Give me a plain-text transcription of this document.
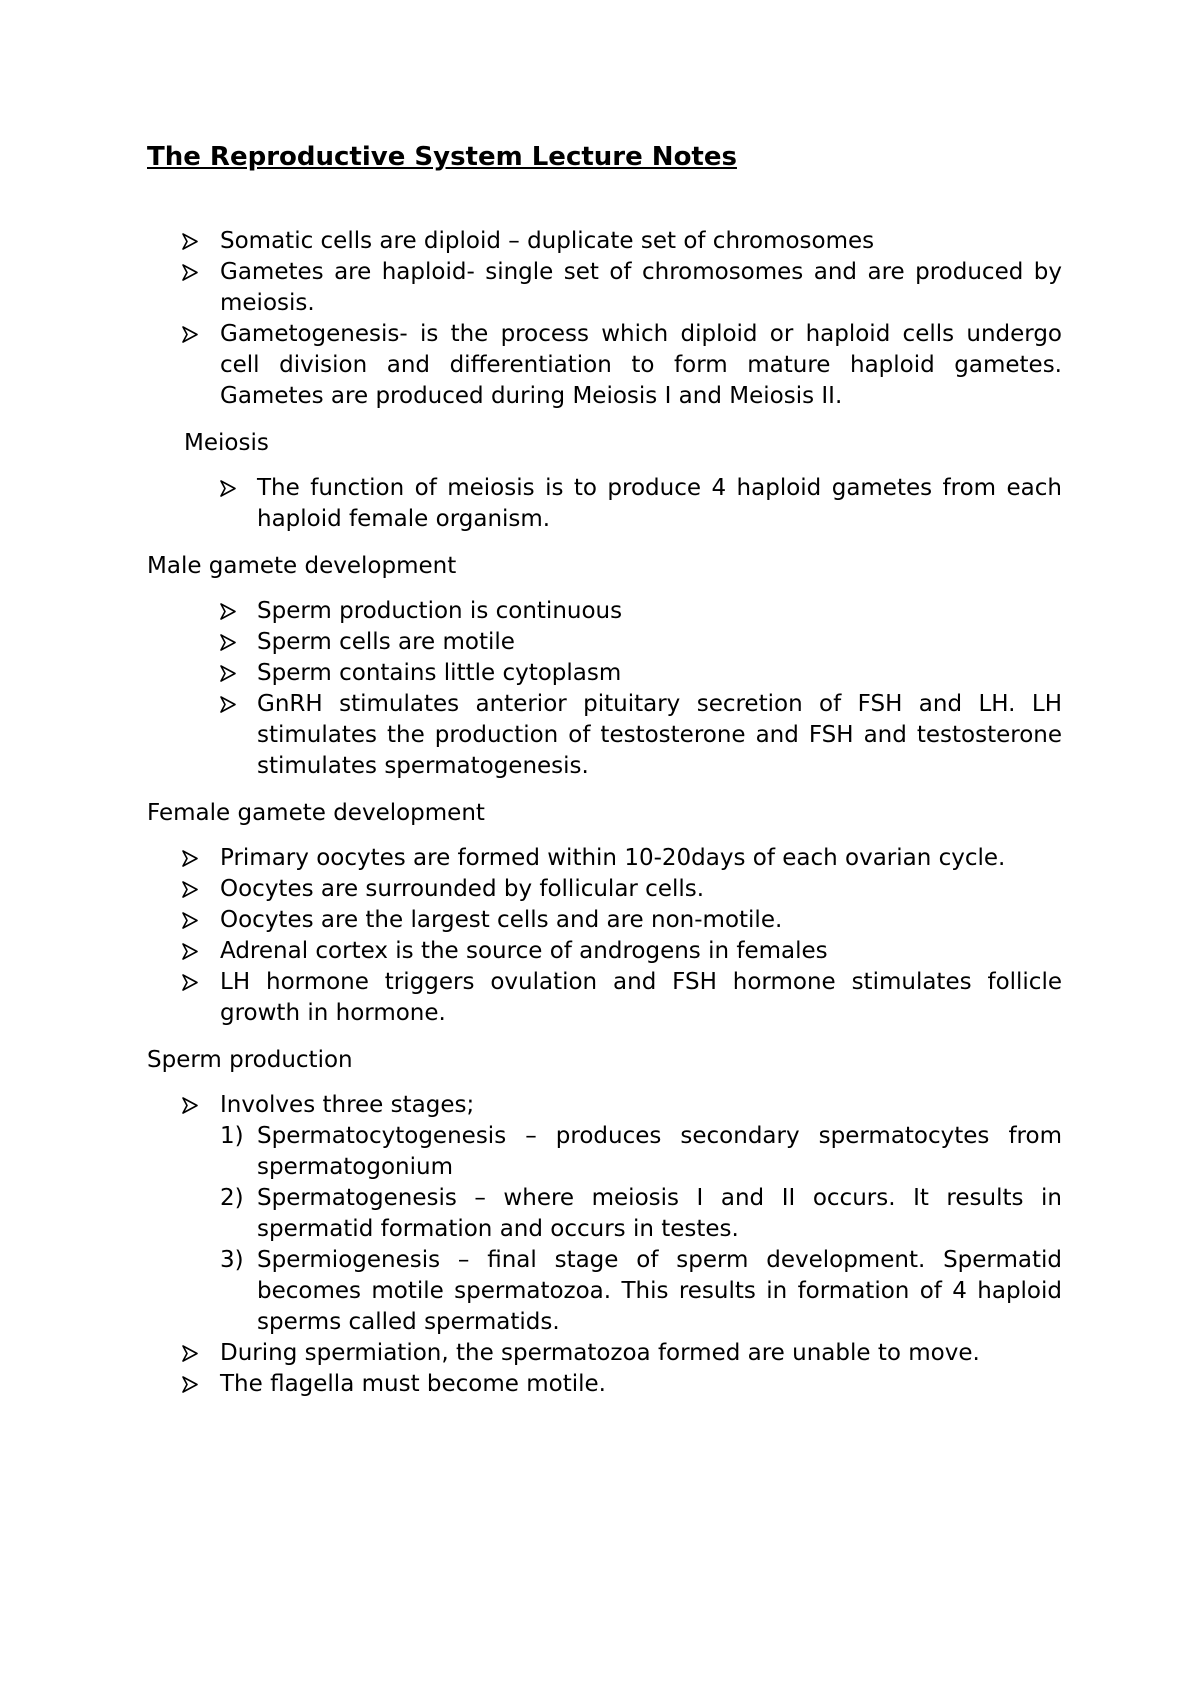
The Reproductive System Lecture Notes
Somatic cells are diploid – duplicate set of chromosomes
Gametes are haploid- single set of chromosomes and are produced by meiosis.
Gametogenesis- is the process which diploid or haploid cells undergo cell division and differentiation to form mature haploid gametes. Gametes are produced during Meiosis I and Meiosis II.
Meiosis
The function of meiosis is to produce 4 haploid gametes from each haploid female organism.
Male gamete development
Sperm production is continuous
Sperm cells are motile
Sperm contains little cytoplasm
GnRH stimulates anterior pituitary secretion of FSH and LH. LH stimulates the production of testosterone and FSH and testosterone stimulates spermatogenesis.
Female gamete development
Primary oocytes are formed within 10-20days of each ovarian cycle.
Oocytes are surrounded by follicular cells.
Oocytes are the largest cells and are non-motile.
Adrenal cortex is the source of androgens in females
LH hormone triggers ovulation and FSH hormone stimulates follicle growth in hormone.
Sperm production
Involves three stages;
1) Spermatocytogenesis – produces secondary spermatocytes from spermatogonium
2) Spermatogenesis – where meiosis I and II occurs. It results in spermatid formation and occurs in testes.
3) Spermiogenesis – final stage of sperm development. Spermatid becomes motile spermatozoa. This results in formation of 4 haploid sperms called spermatids.
During spermiation, the spermatozoa formed are unable to move.
The flagella must become motile.
